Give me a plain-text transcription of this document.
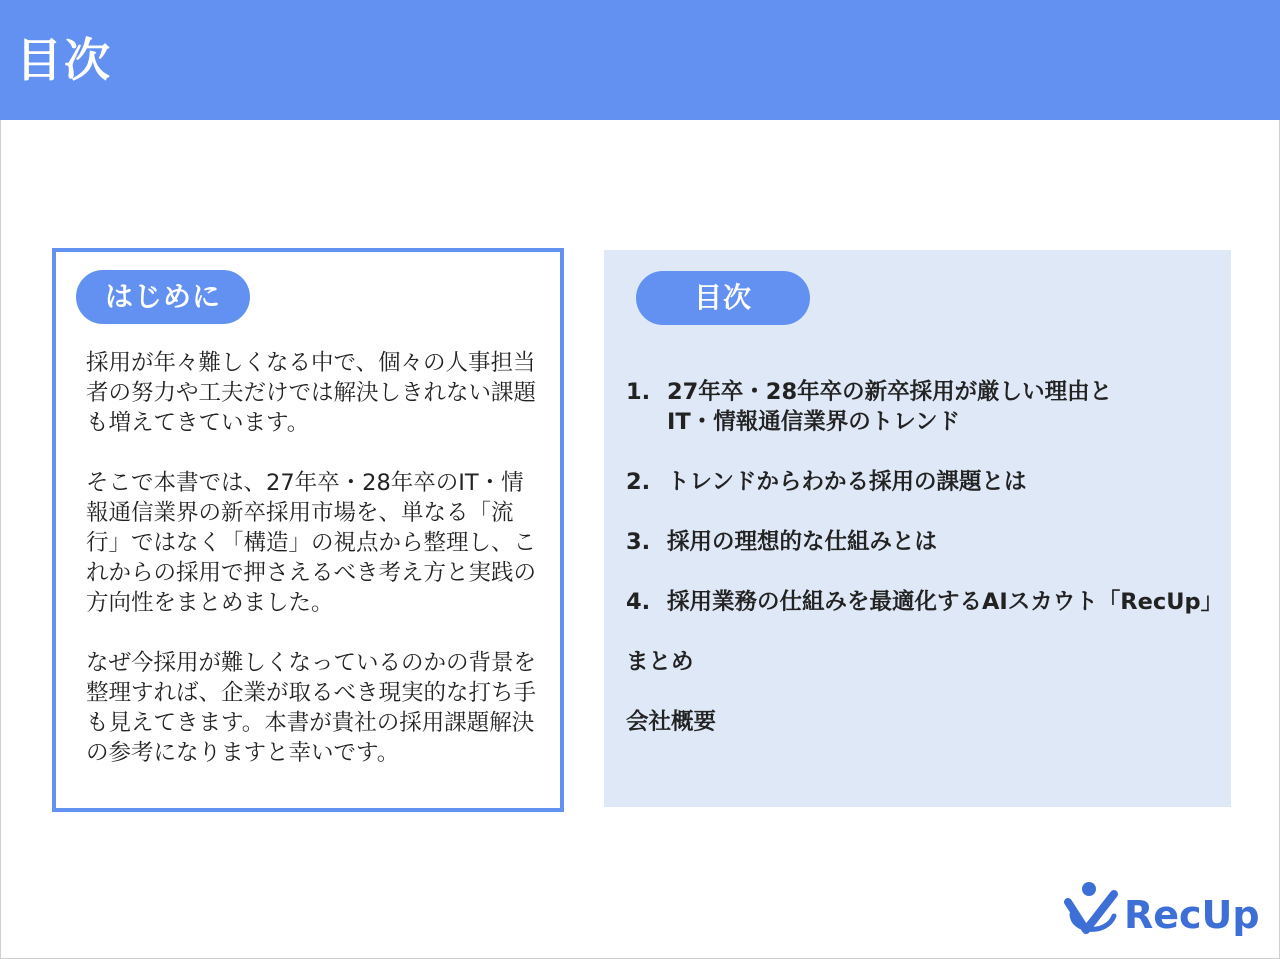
目次
はじめに

採用が年々難しくなる中で、個々の人事担当者の努力や工夫だけでは解決しきれない課題も増えてきています。

そこで本書では、27年卒・28年卒のIT・情報通信業界の新卒採用市場を、単なる「流行」ではなく「構造」の視点から整理し、これからの採用で押さえるべき考え方と実践の方向性をまとめました。

なぜ今採用が難しくなっているのかの背景を整理すれば、企業が取るべき現実的な打ち手も見えてきます。本書が貴社の採用課題解決の参考になりますと幸いです。

目次
1. 27年卒・28年卒の新卒採用が厳しい理由と
IT・情報通信業界のトレンド
2. トレンドからわかる採用の課題とは
3. 採用の理想的な仕組みとは
4. 採用業務の仕組みを最適化するAIスカウト「RecUp」
まとめ
会社概要
RecUp
